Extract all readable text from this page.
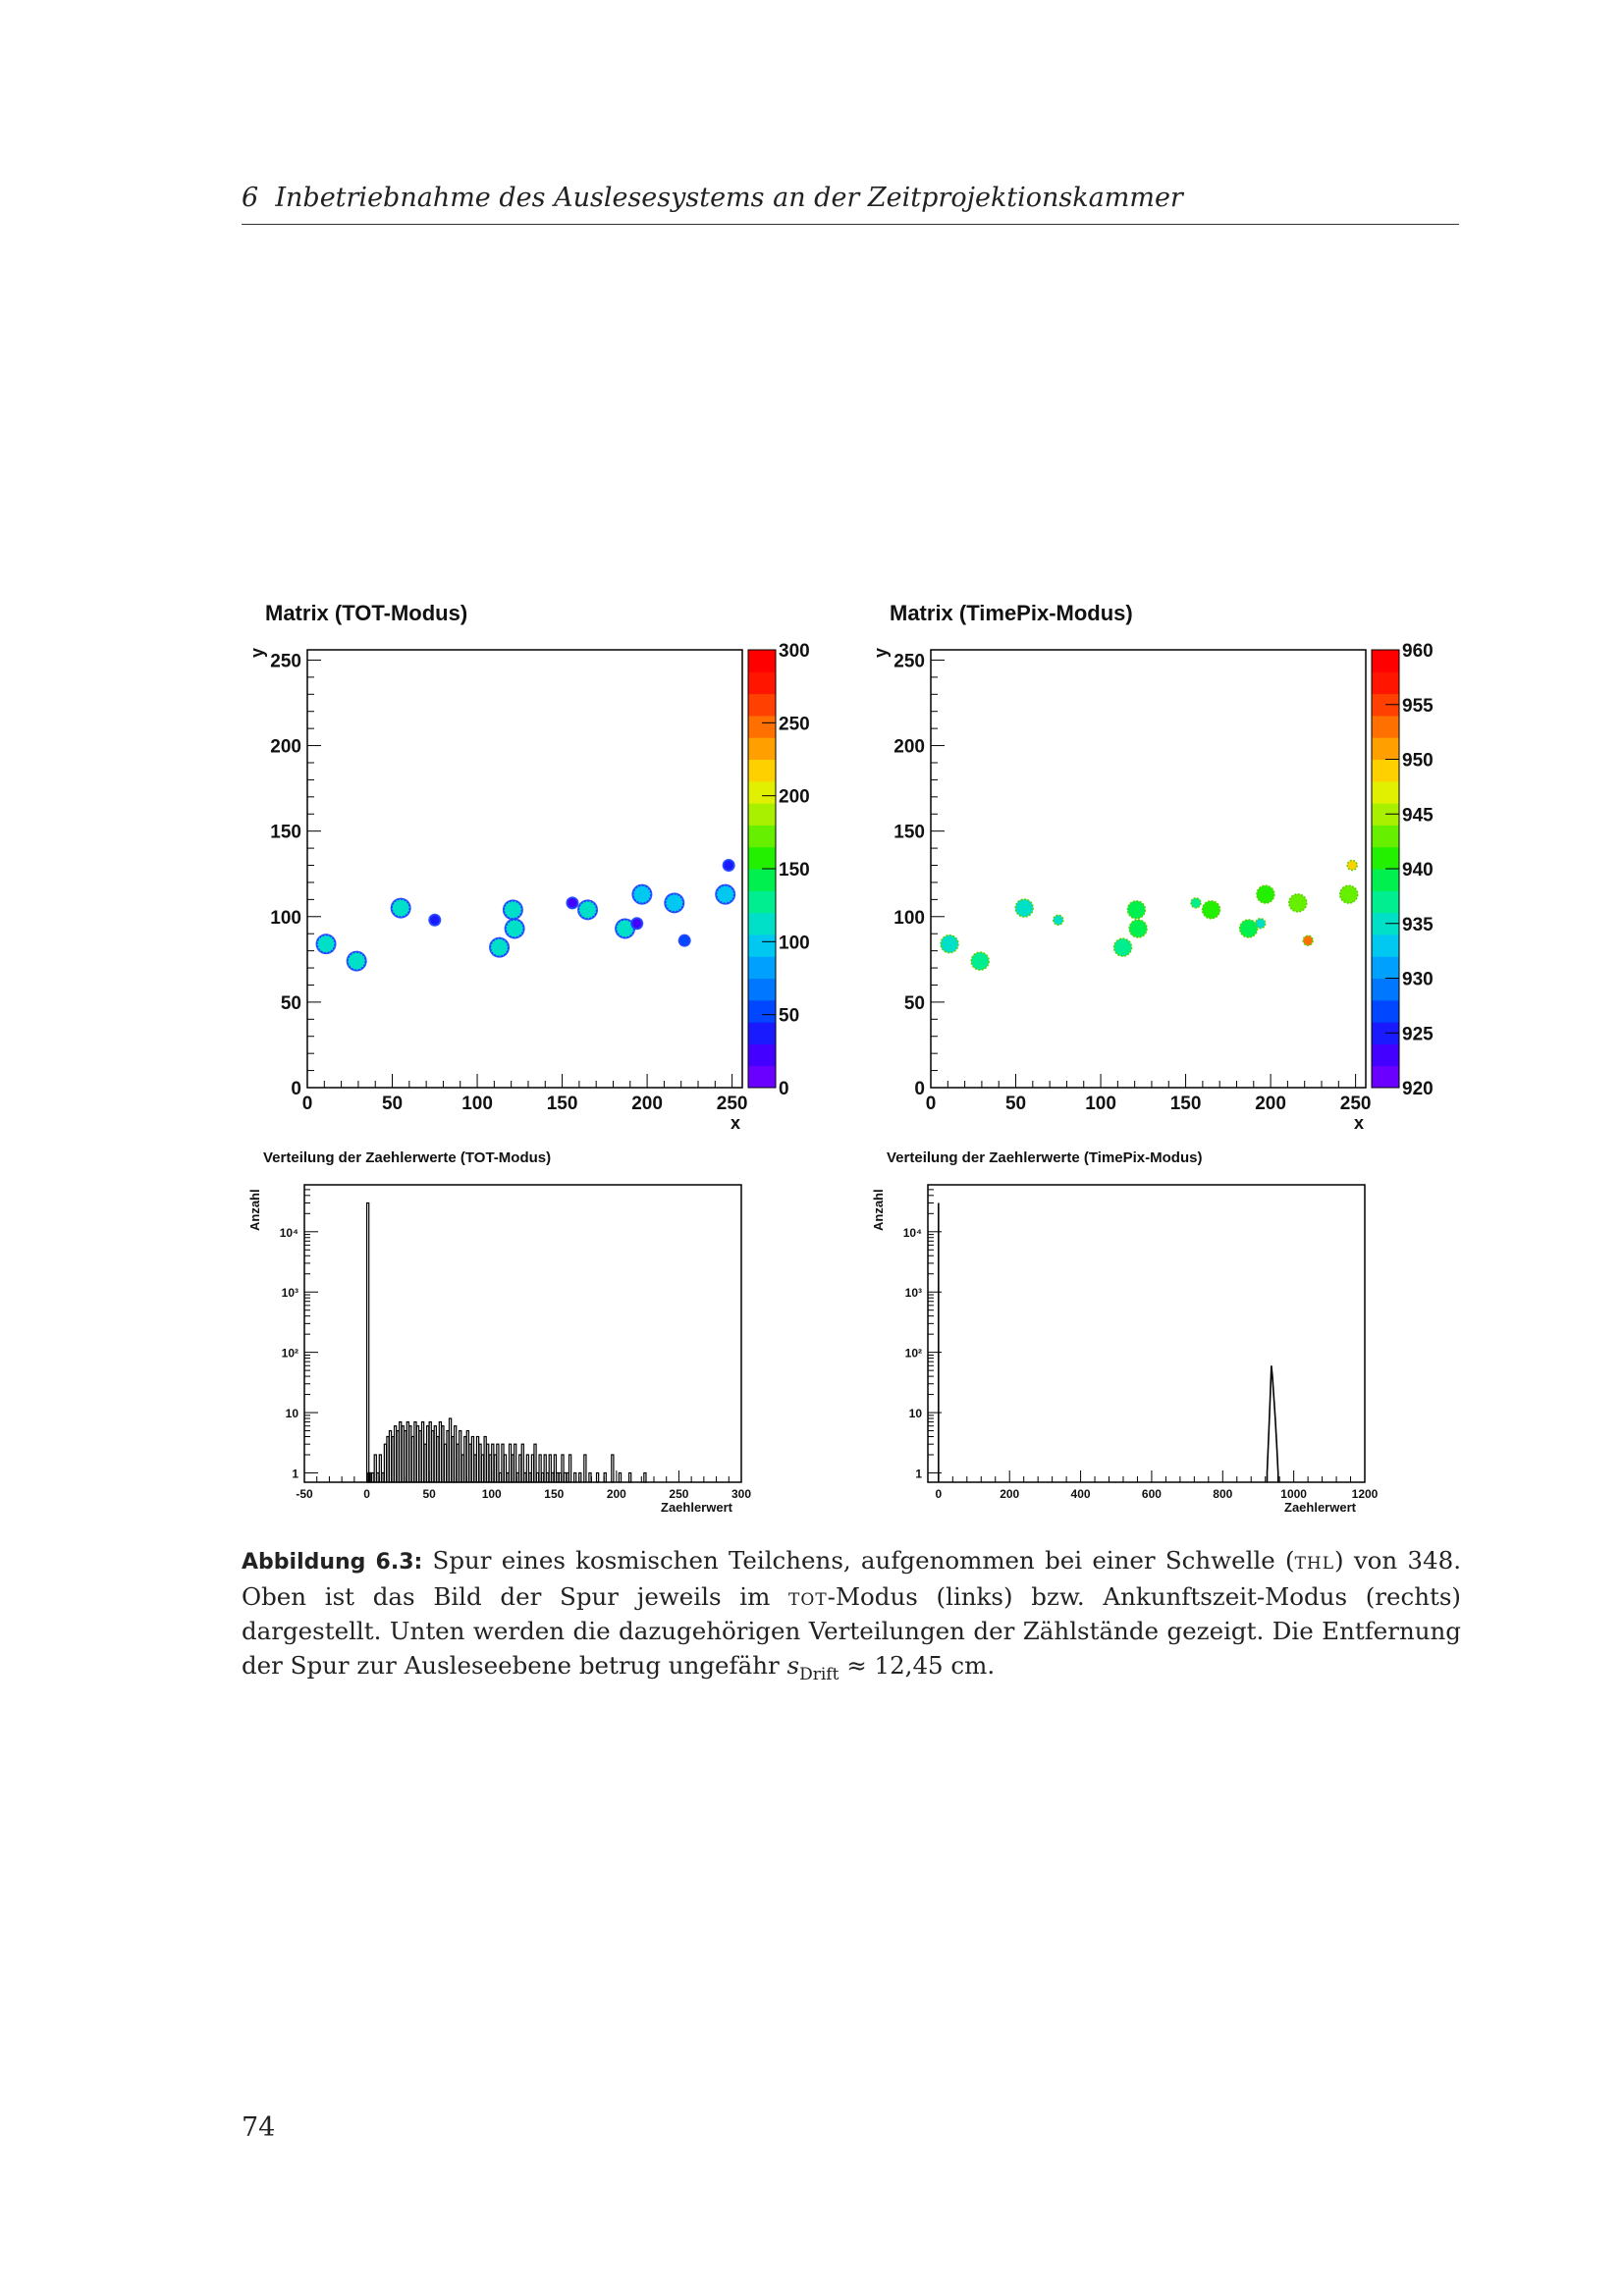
6 Inbetriebnahme des Auslesesystems an der Zeitprojektionskammer
Matrix (TOT-Modus)	Matrix (TimePix-Modus)
Verteilung der Zaehlerwerte (TOT-Modus)	Verteilung der Zaehlerwerte (TimePix-Modus)
y
x
y
x
Anzahl
Zaehlerwert
Anzahl
Zaehlerwert
0	50	100	150	200	250
0
50
100
150
200
250
0
50
100
150
200
250
300
0	50	100	150	200	250
0
50
100
150
200
250
920
925
930
935
940
945
950
955
960
1
10
10²
10³
10⁴
-50	0	50	100	150	200	250	300
1
10
10²
10³
10⁴
0	200	400	600	800	1000	1200
Abbildung 6.3: Spur eines kosmischen Teilchens, aufgenommen bei einer Schwelle (thl) von 348. Oben ist das Bild der Spur jeweils im tot-Modus (links) bzw. Ankunftszeit-Modus (rechts) dargestellt. Unten werden die dazugehörigen Verteilungen der Zählstände gezeigt. Die Entfernung der Spur zur Ausleseebene betrug ungefähr $s_{Drift} \approx 12,45$ cm.
74
